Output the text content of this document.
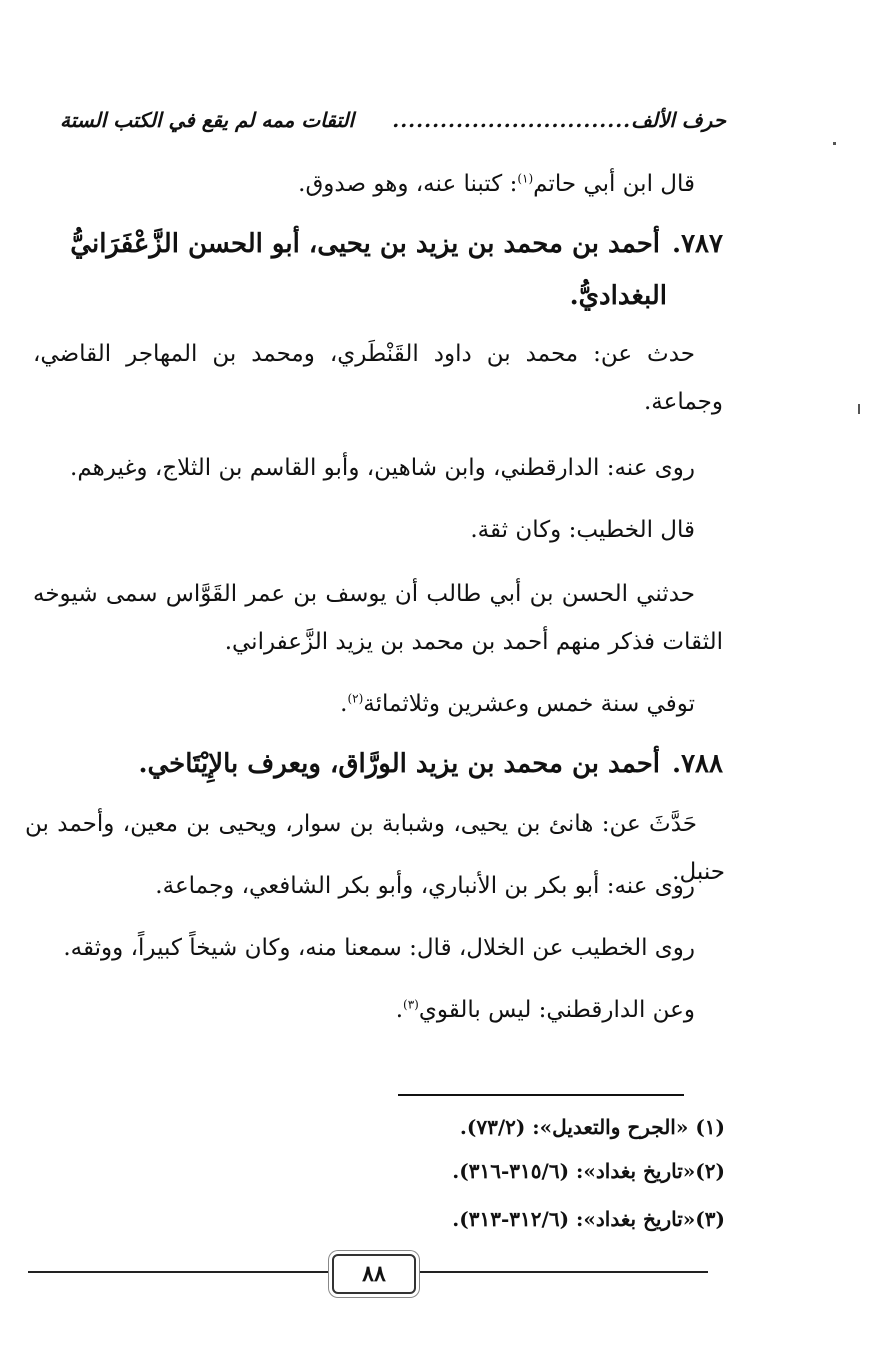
التقات ممه لم يقع في الكتب الستة	حرف الألف
..............................
قال ابن أبي حاتم$^{(١)}$: كتبنا عنه، وهو صدوق.
٧٨٧.أحمد بن محمد بن يزيد بن يحيى، أبو الحسن الزَّعْفَرَانيُّ
البغداديُّ.
حدث عن: محمد بن داود القَنْطَري، ومحمد بن المهاجر القاضي، وجماعة.
روى عنه: الدارقطني، وابن شاهين، وأبو القاسم بن الثلاج، وغيرهم.
قال الخطيب: وكان ثقة.
حدثني الحسن بن أبي طالب أن يوسف بن عمر القَوَّاس سمى شيوخه الثقات فذكر منهم أحمد بن محمد بن يزيد الزَّعفراني.
توفي سنة خمس وعشرين وثلاثمائة$^{(٢)}$.
٧٨٨.أحمد بن محمد بن يزيد الورَّاق، ويعرف بالإِيْتَاخي.
حَدَّثَ عن: هانئ بن يحيى، وشبابة بن سوار، ويحيى بن معين، وأحمد بن حنبل.
روى عنه: أبو بكر بن الأنباري، وأبو بكر الشافعي، وجماعة.
روى الخطيب عن الخلال، قال: سمعنا منه، وكان شيخاً كبيراً، ووثقه.
وعن الدارقطني: ليس بالقوي$^{(٣)}$.
(١) «الجرح والتعديل»: (٧٣/٢).
(٢)«تاريخ بغداد»: (٣١٥/٦-٣١٦).
(٣)«تاريخ بغداد»: (٣١٢/٦-٣١٣).
٨٨
